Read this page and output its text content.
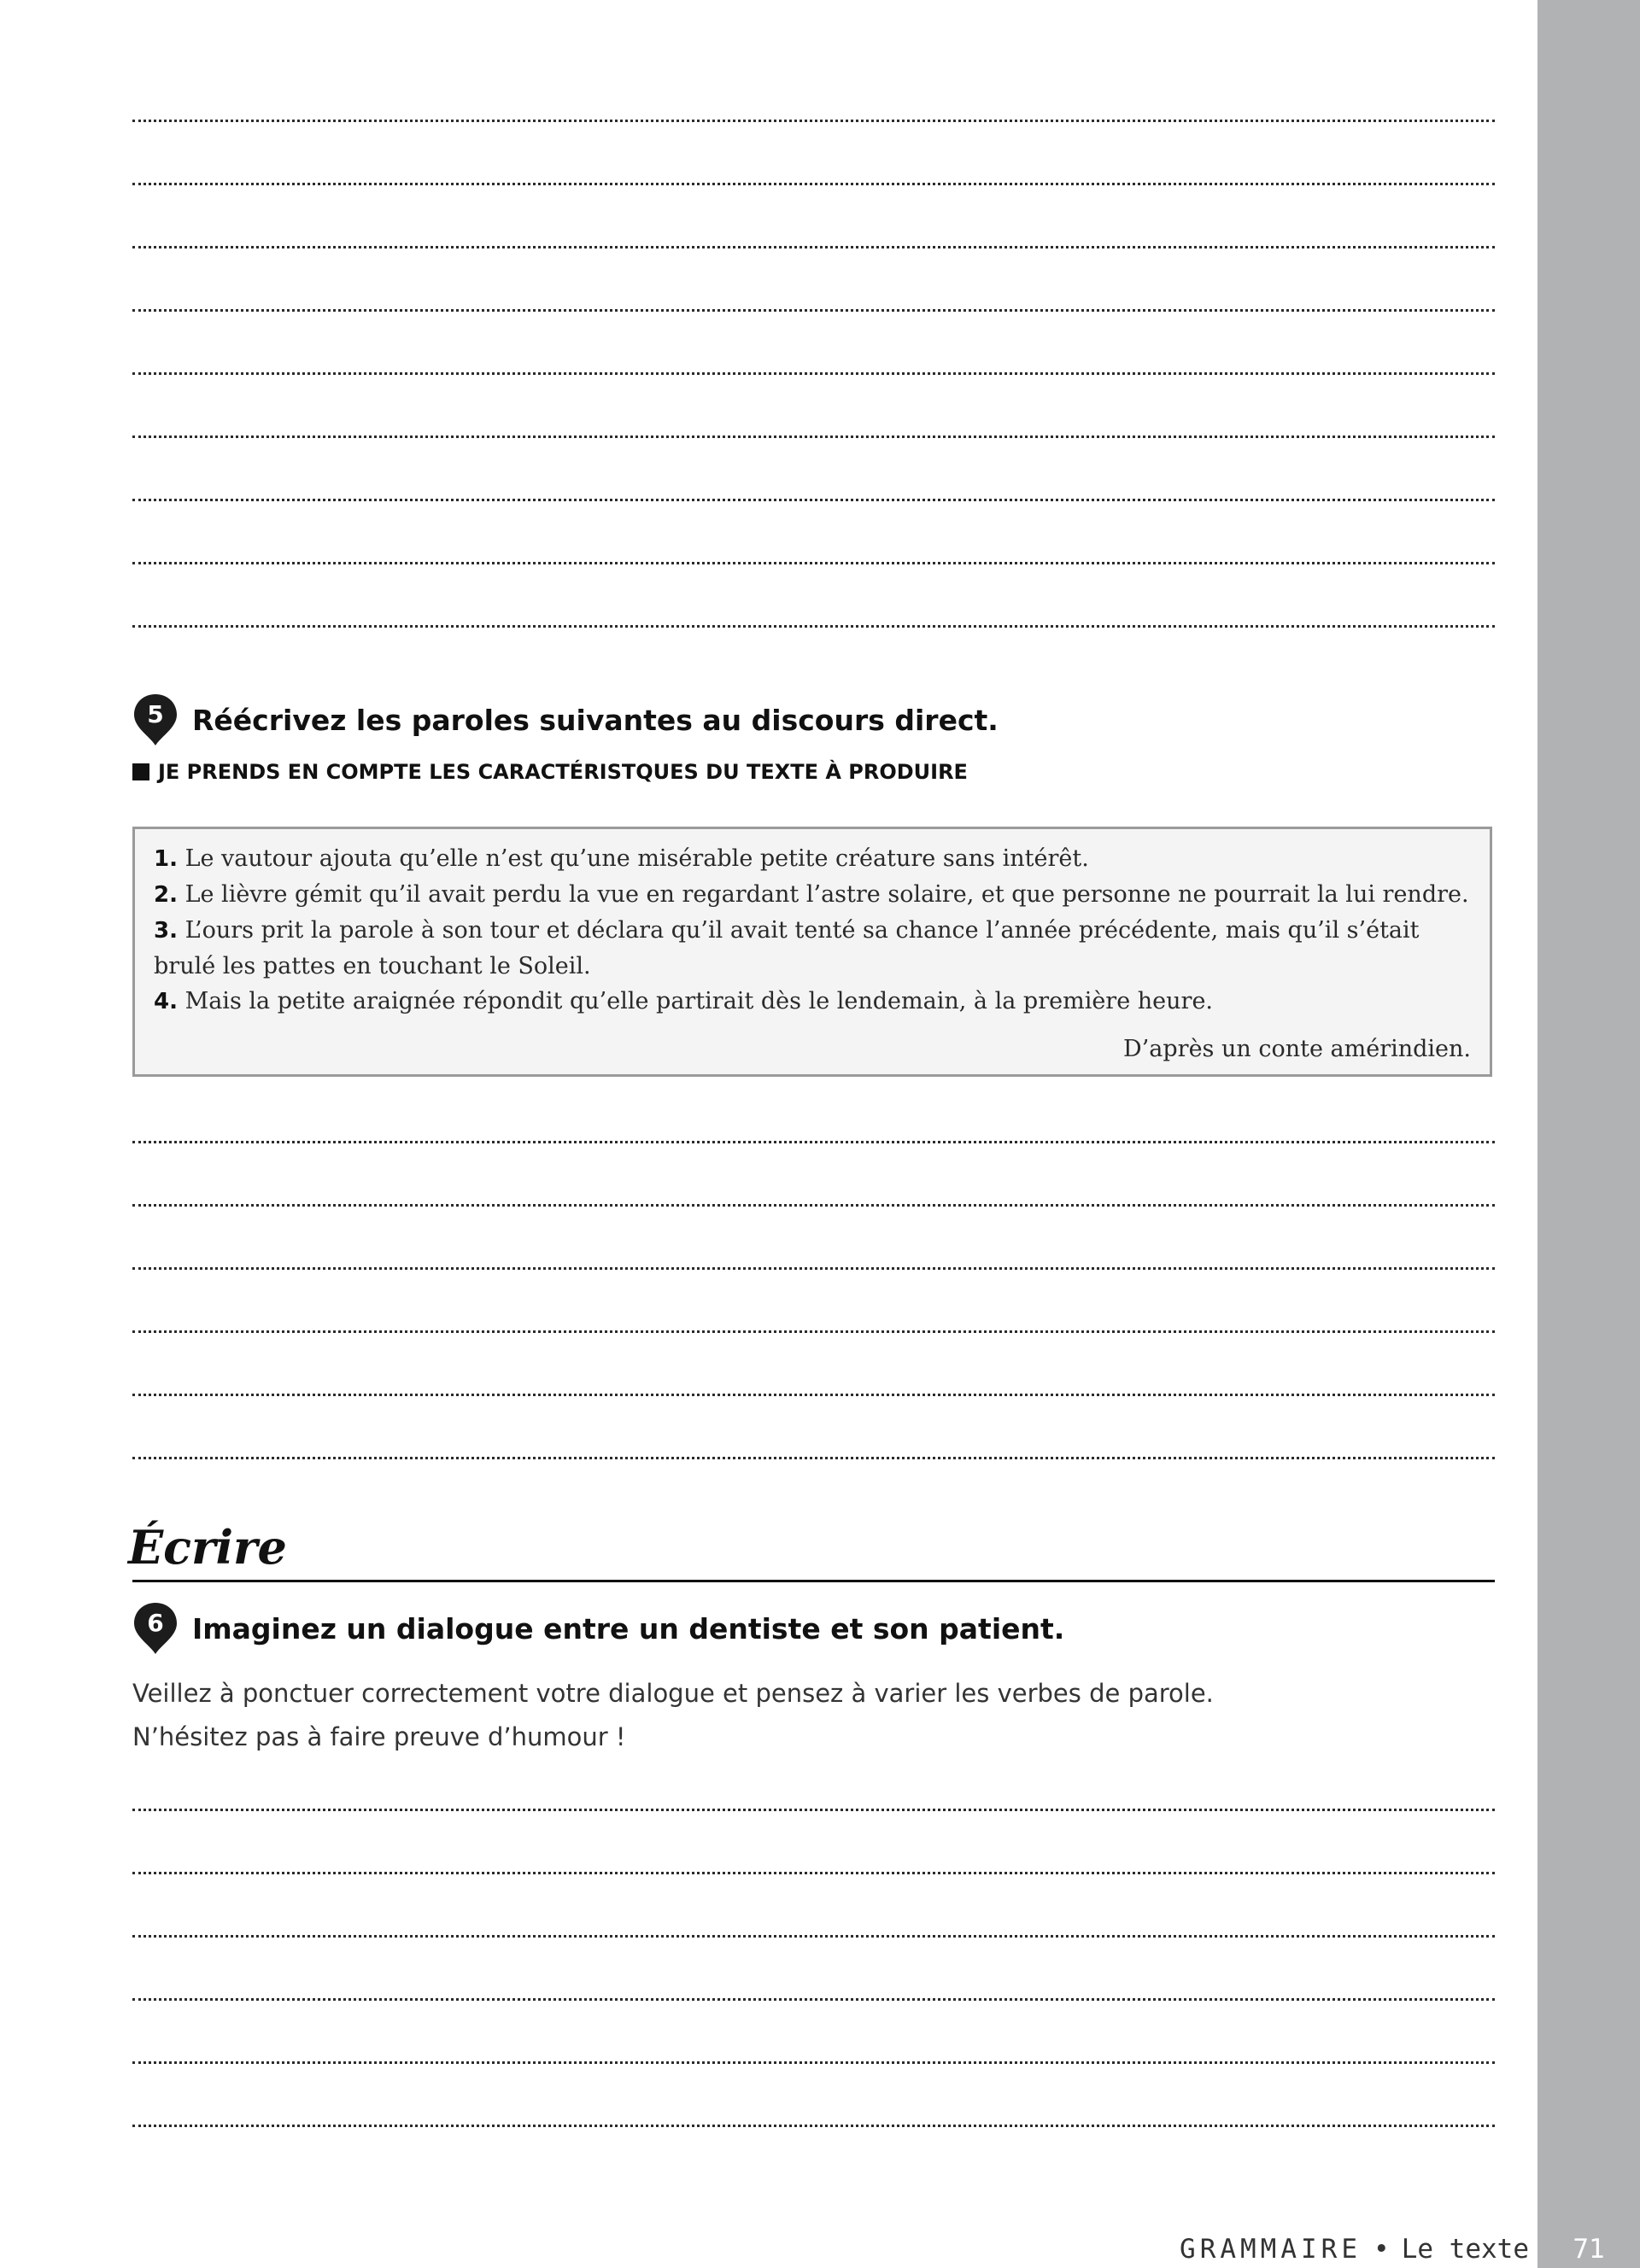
5	Réécrivez les paroles suivantes au discours direct.
JE PRENDS EN COMPTE LES CARACTÉRISTQUES DU TEXTE À PRODUIRE

1. Le vautour ajouta qu’elle n’est qu’une misérable petite créature sans intérêt.

2. Le lièvre gémit qu’il avait perdu la vue en regardant l’astre solaire, et que personne ne pourrait la lui rendre.

3. L’ours prit la parole à son tour et déclara qu’il avait tenté sa chance l’année précédente, mais qu’il s’était brulé les pattes en touchant le Soleil.

4. Mais la petite araignée répondit qu’elle partirait dès le lendemain, à la première heure.

D’après un conte amérindien.

Écrire
6	Imaginez un dialogue entre un dentiste et son patient.
Veillez à ponctuer correctement votre dialogue et pensez à varier les verbes de parole.
N’hésitez pas à faire preuve d’humour !
GRAMMAIRE • Le texte	71
